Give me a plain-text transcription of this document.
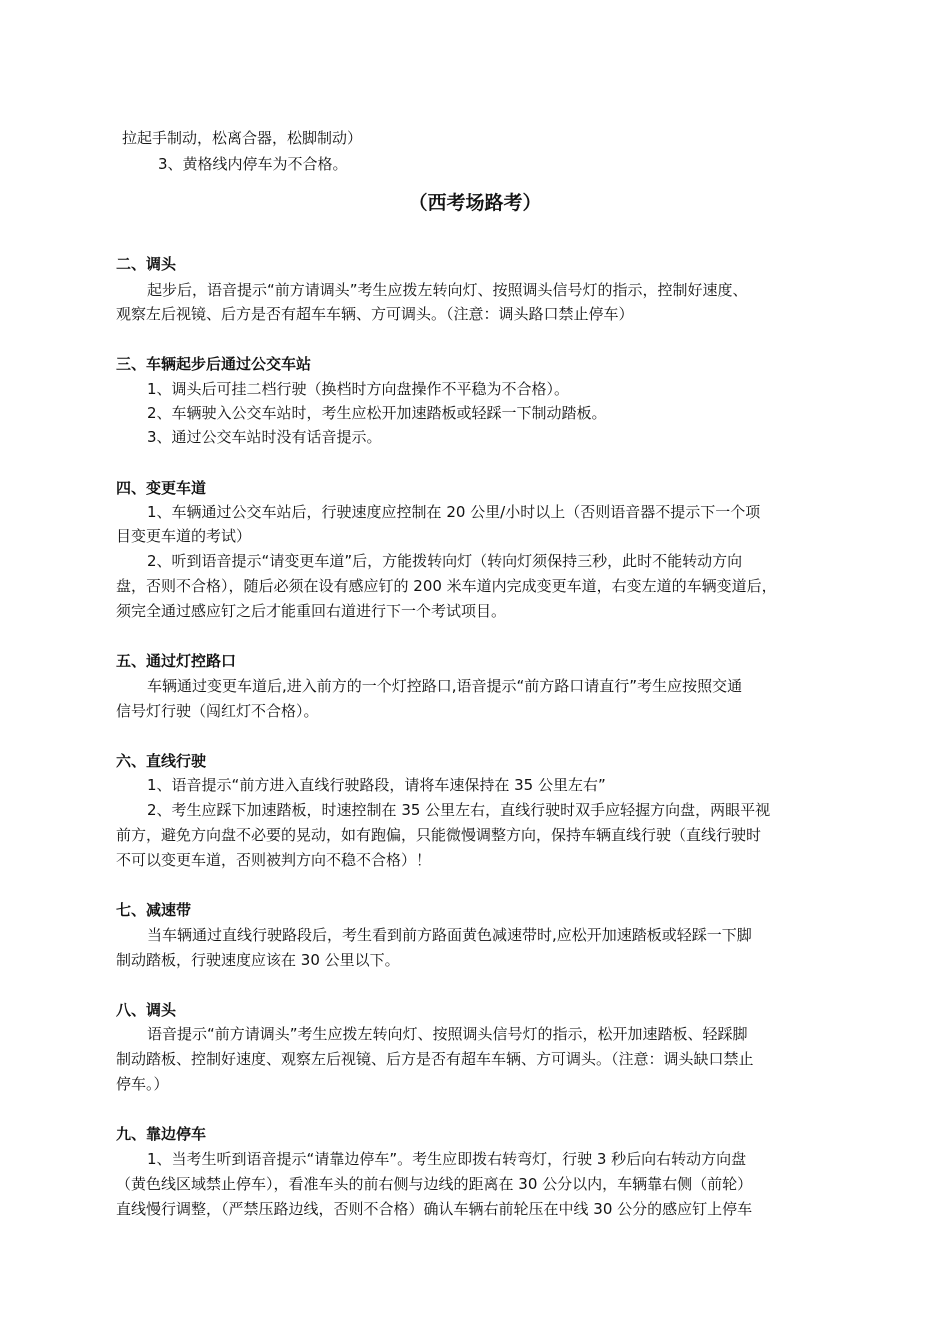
拉起手制动，松离合器，松脚制动）
3、黄格线内停车为不合格。
（西考场路考）
二、调头
起步后，语音提示“前方请调头”考生应拨左转向灯、按照调头信号灯的指示，控制好速度、
观察左后视镜、后方是否有超车车辆、方可调头。（注意：调头路口禁止停车）
三、车辆起步后通过公交车站
1、调头后可挂二档行驶（换档时方向盘操作不平稳为不合格）。
2、车辆驶入公交车站时，考生应松开加速踏板或轻踩一下制动踏板。
3、通过公交车站时没有话音提示。
四、变更车道
1、车辆通过公交车站后，行驶速度应控制在 20 公里/小时以上（否则语音器不提示下一个项
目变更车道的考试）
2、听到语音提示“请变更车道”后，方能拨转向灯（转向灯须保持三秒，此时不能转动方向
盘，否则不合格），随后必须在设有感应钉的 200 米车道内完成变更车道，右变左道的车辆变道后，
须完全通过感应钉之后才能重回右道进行下一个考试项目。
五、通过灯控路口
车辆通过变更车道后,进入前方的一个灯控路口,语音提示“前方路口请直行”考生应按照交通
信号灯行驶（闯红灯不合格）。
六、直线行驶
1、语音提示“前方进入直线行驶路段，请将车速保持在 35 公里左右”
2、考生应踩下加速踏板，时速控制在 35 公里左右，直线行驶时双手应轻握方向盘，两眼平视
前方，避免方向盘不必要的晃动，如有跑偏，只能微慢调整方向，保持车辆直线行驶（直线行驶时
不可以变更车道，否则被判方向不稳不合格）！
七、减速带
当车辆通过直线行驶路段后，考生看到前方路面黄色减速带时,应松开加速踏板或轻踩一下脚
制动踏板，行驶速度应该在 30 公里以下。
八、调头
语音提示“前方请调头”考生应拨左转向灯、按照调头信号灯的指示，松开加速踏板、轻踩脚
制动踏板、控制好速度、观察左后视镜、后方是否有超车车辆、方可调头。（注意：调头缺口禁止
停车。）
九、靠边停车
1、当考生听到语音提示“请靠边停车”。考生应即拨右转弯灯，行驶 3 秒后向右转动方向盘
（黄色线区域禁止停车），看准车头的前右侧与边线的距离在 30 公分以内，车辆靠右侧（前轮）
直线慢行调整，（严禁压路边线，否则不合格）确认车辆右前轮压在中线 30 公分的感应钉上停车
